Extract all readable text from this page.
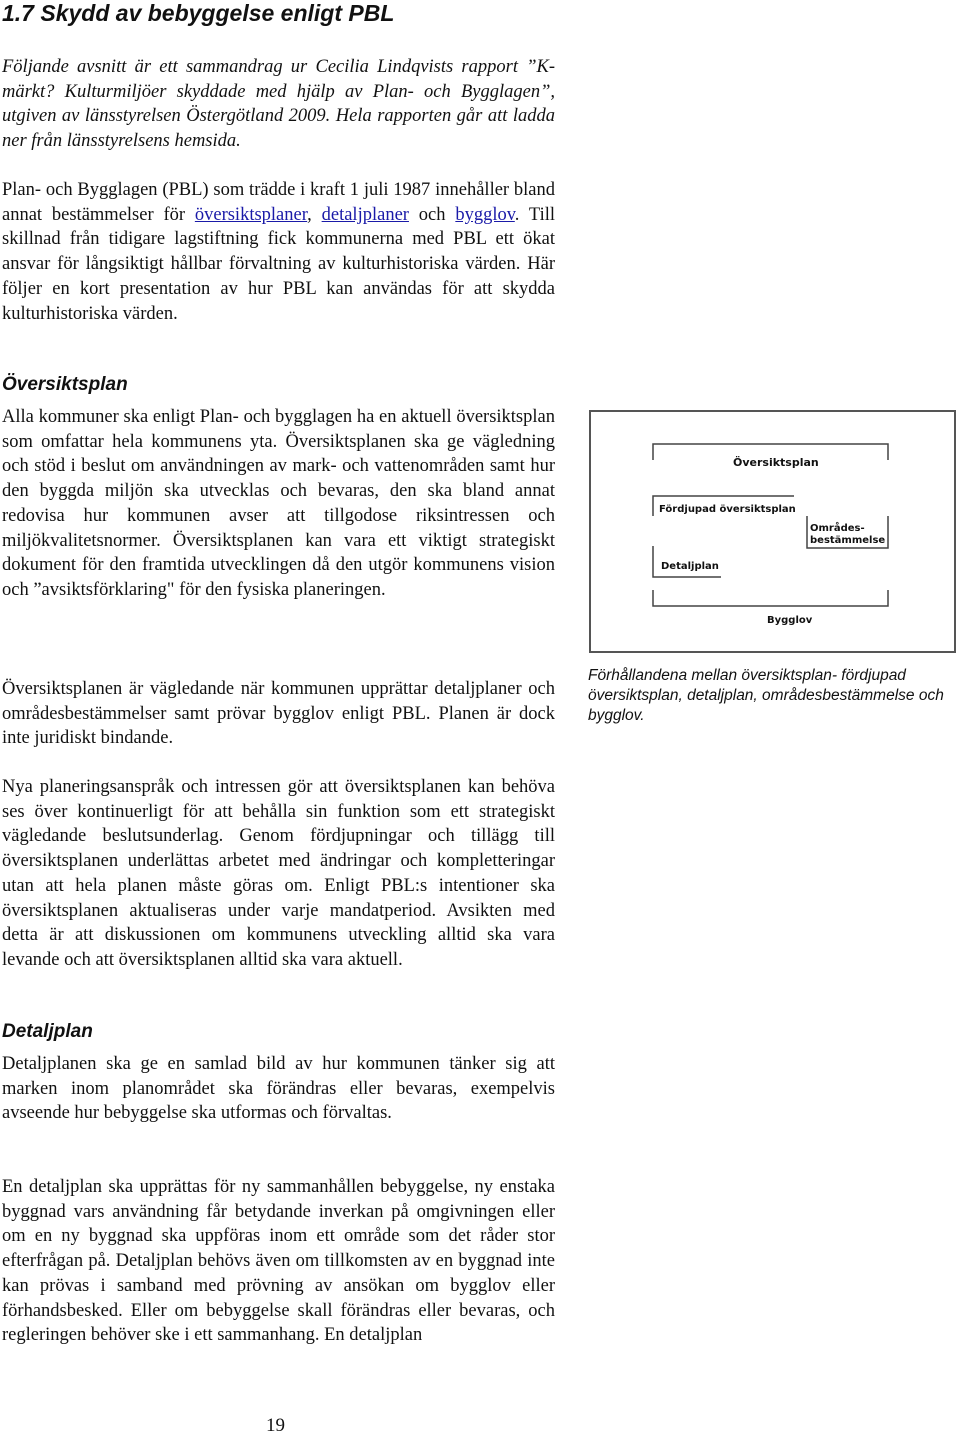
1.7 Skydd av bebyggelse enligt PBL

Följande avsnitt är ett sammandrag ur Cecilia Lindqvists rapport ”K-märkt? Kulturmiljöer skyddade med hjälp av Plan- och Bygglagen”, utgiven av länsstyrelsen Östergötland 2009. Hela rapporten går att ladda ner från länsstyrelsens hemsida.

Plan- och Bygglagen (PBL) som trädde i kraft 1 juli 1987 innehåller bland annat bestämmelser för översiktsplaner, detaljplaner och bygglov. Till skillnad från tidigare lagstiftning fick kommunerna med PBL ett ökat ansvar för långsiktigt hållbar förvaltning av kulturhistoriska värden. Här följer en kort presentation av hur PBL kan användas för att skydda kulturhistoriska värden.

Översiktsplan

Alla kommuner ska enligt Plan- och bygglagen ha en aktuell översiktsplan som omfattar hela kommunens yta. Översiktsplanen ska ge vägledning och stöd i beslut om användningen av mark- och vattenområden samt hur den byggda miljön ska utvecklas och bevaras, den ska bland annat redovisa hur kommunen avser att tillgodose riksintressen och miljökvalitetsnormer. Översiktsplanen kan vara ett viktigt strategiskt dokument för den framtida utvecklingen då den utgör kommunens vision och ”avsiktsförklaring" för den fysiska planeringen.

Översiktsplanen är vägledande när kommunen upprättar detaljplaner och områdesbestämmelser samt prövar bygglov enligt PBL. Planen är dock inte juridiskt bindande.

Nya planeringsanspråk och intressen gör att översiktsplanen kan behöva ses över kontinuerligt för att behålla sin funktion som ett strategiskt vägledande beslutsunderlag. Genom fördjupningar och tillägg till översiktsplanen underlättas arbetet med ändringar och kompletteringar utan att hela planen måste göras om. Enligt PBL:s intentioner ska översiktsplanen aktualiseras under varje mandatperiod. Avsikten med detta är att diskussionen om kommunens utveckling alltid ska vara levande och att översiktsplanen alltid ska vara aktuell.

Detaljplan

Detaljplanen ska ge en samlad bild av hur kommunen tänker sig att marken inom planområdet ska förändras eller bevaras, exempelvis avseende hur bebyggelse ska utformas och förvaltas.

En detaljplan ska upprättas för ny sammanhållen bebyggelse, ny enstaka byggnad vars användning får betydande inverkan på omgivningen eller om en ny byggnad ska uppföras inom ett område som det råder stor efterfrågan på. Detaljplan behövs även om tillkomsten av en byggnad inte kan prövas i samband med prövning av ansökan om bygglov eller förhandsbesked. Eller om bebyggelse skall förändras eller bevaras, och regleringen behöver ske i ett sammanhang. En detaljplan

Översiktsplan
Fördjupad översiktsplan
Områdes-
bestämmelse
Detaljplan
Bygglov

Förhållandena mellan översiktsplan- fördjupad översiktsplan, detaljplan, områdesbestämmelse och bygglov.

19
